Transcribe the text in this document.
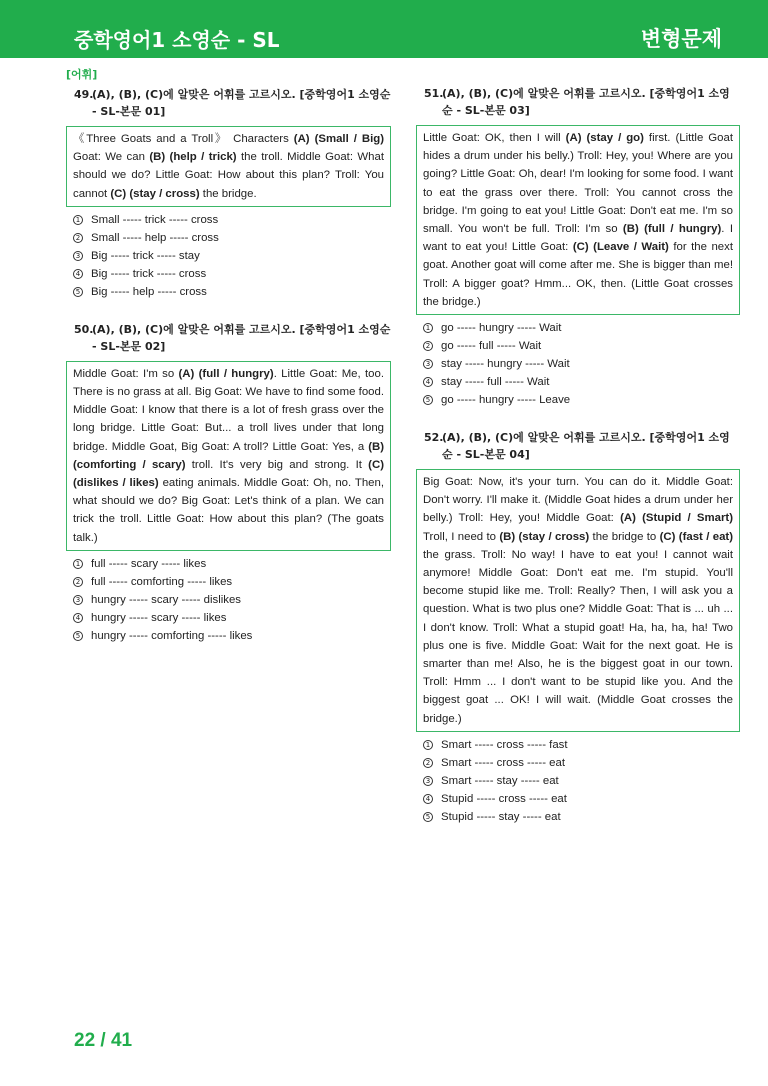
중학영어1 소영순 - SL	변형문제
[어휘]
49.
(A), (B), (C)에 알맞은 어휘를 고르시오. [중학영어1 소영순 - SL-본문 01]
《Three Goats and a Troll》 Characters (A) (Small / Big) Goat: We can (B) (help / trick) the troll. Middle Goat: What should we do? Little Goat: How about this plan? Troll: You cannot (C) (stay / cross) the bridge.
1 Small ----- trick ----- cross
2 Small ----- help ----- cross
3 Big ----- trick ----- stay
4 Big ----- trick ----- cross
5 Big ----- help ----- cross
50.
(A), (B), (C)에 알맞은 어휘를 고르시오. [중학영어1 소영순 - SL-본문 02]
Middle Goat: I'm so (A) (full / hungry). Little Goat: Me, too. There is no grass at all. Big Goat: We have to find some food. Middle Goat: I know that there is a lot of fresh grass over the long bridge. Little Goat: But... a troll lives under that long bridge. Middle Goat, Big Goat: A troll? Little Goat: Yes, a (B) (comforting / scary) troll. It's very big and strong. It (C) (dislikes / likes) eating animals. Middle Goat: Oh, no. Then, what should we do? Big Goat: Let's think of a plan. We can trick the troll. Little Goat: How about this plan? (The goats talk.)
1 full ----- scary ----- likes
2 full ----- comforting ----- likes
3 hungry ----- scary ----- dislikes
4 hungry ----- scary ----- likes
5 hungry ----- comforting ----- likes
51.
(A), (B), (C)에 알맞은 어휘를 고르시오. [중학영어1 소영순 - SL-본문 03]
Little Goat: OK, then I will (A) (stay / go) first. (Little Goat hides a drum under his belly.) Troll: Hey, you! Where are you going? Little Goat: Oh, dear! I'm looking for some food. I want to eat the grass over there. Troll: You cannot cross the bridge. I'm going to eat you! Little Goat: Don't eat me. I'm so small. You won't be full. Troll: I'm so (B) (full / hungry). I want to eat you! Little Goat: (C) (Leave / Wait) for the next goat. Another goat will come after me. She is bigger than me! Troll: A bigger goat? Hmm... OK, then. (Little Goat crosses the bridge.)
1 go ----- hungry ----- Wait
2 go ----- full ----- Wait
3 stay ----- hungry ----- Wait
4 stay ----- full ----- Wait
5 go ----- hungry ----- Leave
52.
(A), (B), (C)에 알맞은 어휘를 고르시오. [중학영어1 소영순 - SL-본문 04]
Big Goat: Now, it's your turn. You can do it. Middle Goat: Don't worry. I'll make it. (Middle Goat hides a drum under her belly.) Troll: Hey, you! Middle Goat: (A) (Stupid / Smart) Troll, I need to (B) (stay / cross) the bridge to (C) (fast / eat) the grass. Troll: No way! I have to eat you! I cannot wait anymore! Middle Goat: Don't eat me. I'm stupid. You'll become stupid like me. Troll: Really? Then, I will ask you a question. What is two plus one? Middle Goat: That is ... uh ... I don't know. Troll: What a stupid goat! Ha, ha, ha, ha! Two plus one is five. Middle Goat: Wait for the next goat. He is smarter than me! Also, he is the biggest goat in our town. Troll: Hmm ... I don't want to be stupid like you. And the biggest goat ... OK! I will wait. (Middle Goat crosses the bridge.)
1 Smart ----- cross ----- fast
2 Smart ----- cross ----- eat
3 Smart ----- stay ----- eat
4 Stupid ----- cross ----- eat
5 Stupid ----- stay ----- eat
22 / 41
